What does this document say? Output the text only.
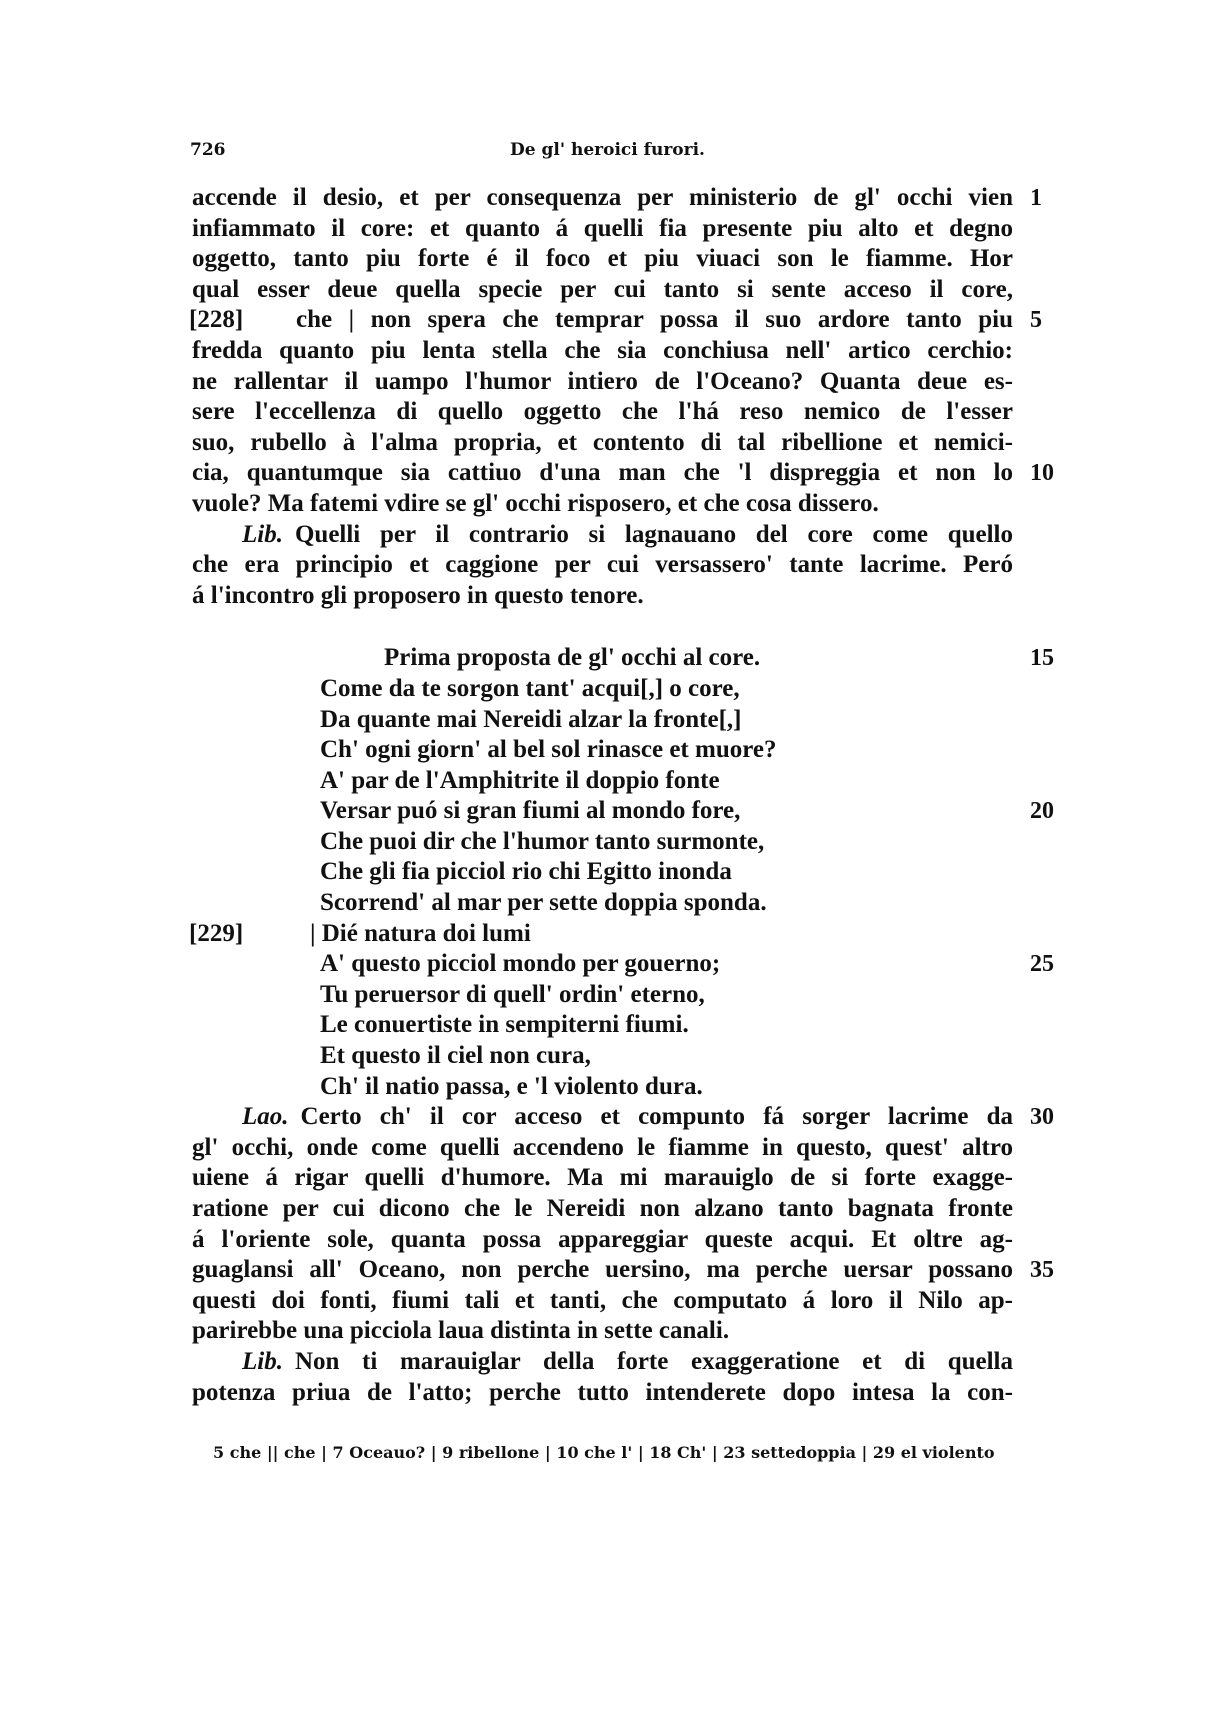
726	De gl' heroici furori.
accende il desio, et per consequenza per ministerio de gl' occhi vien 1
infiammato il core: et quanto á quelli fia presente piu alto et degno
oggetto, tanto piu forte é il foco et piu viuaci son le fiamme. Hor
qual esser deue quella specie per cui tanto si sente acceso il core,
[228]	che | non spera che temprar possa il suo ardore tanto piu 5
fredda quanto piu lenta stella che sia conchiusa nell' artico cerchio:
ne rallentar il uampo l'humor intiero de l'Oceano? Quanta deue es-
sere l'eccellenza di quello oggetto che l'há reso nemico de l'esser
suo, rubello à l'alma propria, et contento di tal ribellione et nemici-
cia, quantumque sia cattiuo d'una man che 'l dispreggia et non lo 10
vuole? Ma fatemi vdire se gl' occhi risposero, et che cosa dissero.
Lib. Quelli per il contrario si lagnauano del core come quello
che era principio et caggione per cui versassero' tante lacrime. Peró
á l'incontro gli proposero in questo tenore.
Prima proposta de gl' occhi al core.	15
Come da te sorgon tant' acqui[,] o core,
Da quante mai Nereidi alzar la fronte[,]
Ch' ogni giorn' al bel sol rinasce et muore?
A' par de l'Amphitrite il doppio fonte
Versar puó si gran fiumi al mondo fore,	20
Che puoi dir che l'humor tanto surmonte,
Che gli fia picciol rio chi Egitto inonda
Scorrend' al mar per sette doppia sponda.
[229]	| Dié natura doi lumi
A' questo picciol mondo per gouerno;	25
Tu peruersor di quell' ordin' eterno,
Le conuertiste in sempiterni fiumi.
Et questo il ciel non cura,
Ch' il natio passa, e 'l violento dura.
Lao. Certo ch' il cor acceso et compunto fá sorger lacrime da 30
gl' occhi, onde come quelli accendeno le fiamme in questo, quest' altro
uiene á rigar quelli d'humore. Ma mi marauiglo de si forte exagge-
ratione per cui dicono che le Nereidi non alzano tanto bagnata fronte
á l'oriente sole, quanta possa appareggiar queste acqui. Et oltre ag-
guaglansi all' Oceano, non perche uersino, ma perche uersar possano 35
questi doi fonti, fiumi tali et tanti, che computato á loro il Nilo ap-
parirebbe una picciola laua distinta in sette canali.
Lib. Non ti marauiglar della forte exaggeratione et di quella
potenza priua de l'atto; perche tutto intenderete dopo intesa la con-
5 che || che | 7 Oceauo? | 9 ribellone | 10 che l' | 18 Ch' | 23 settedoppia | 29 el violento
